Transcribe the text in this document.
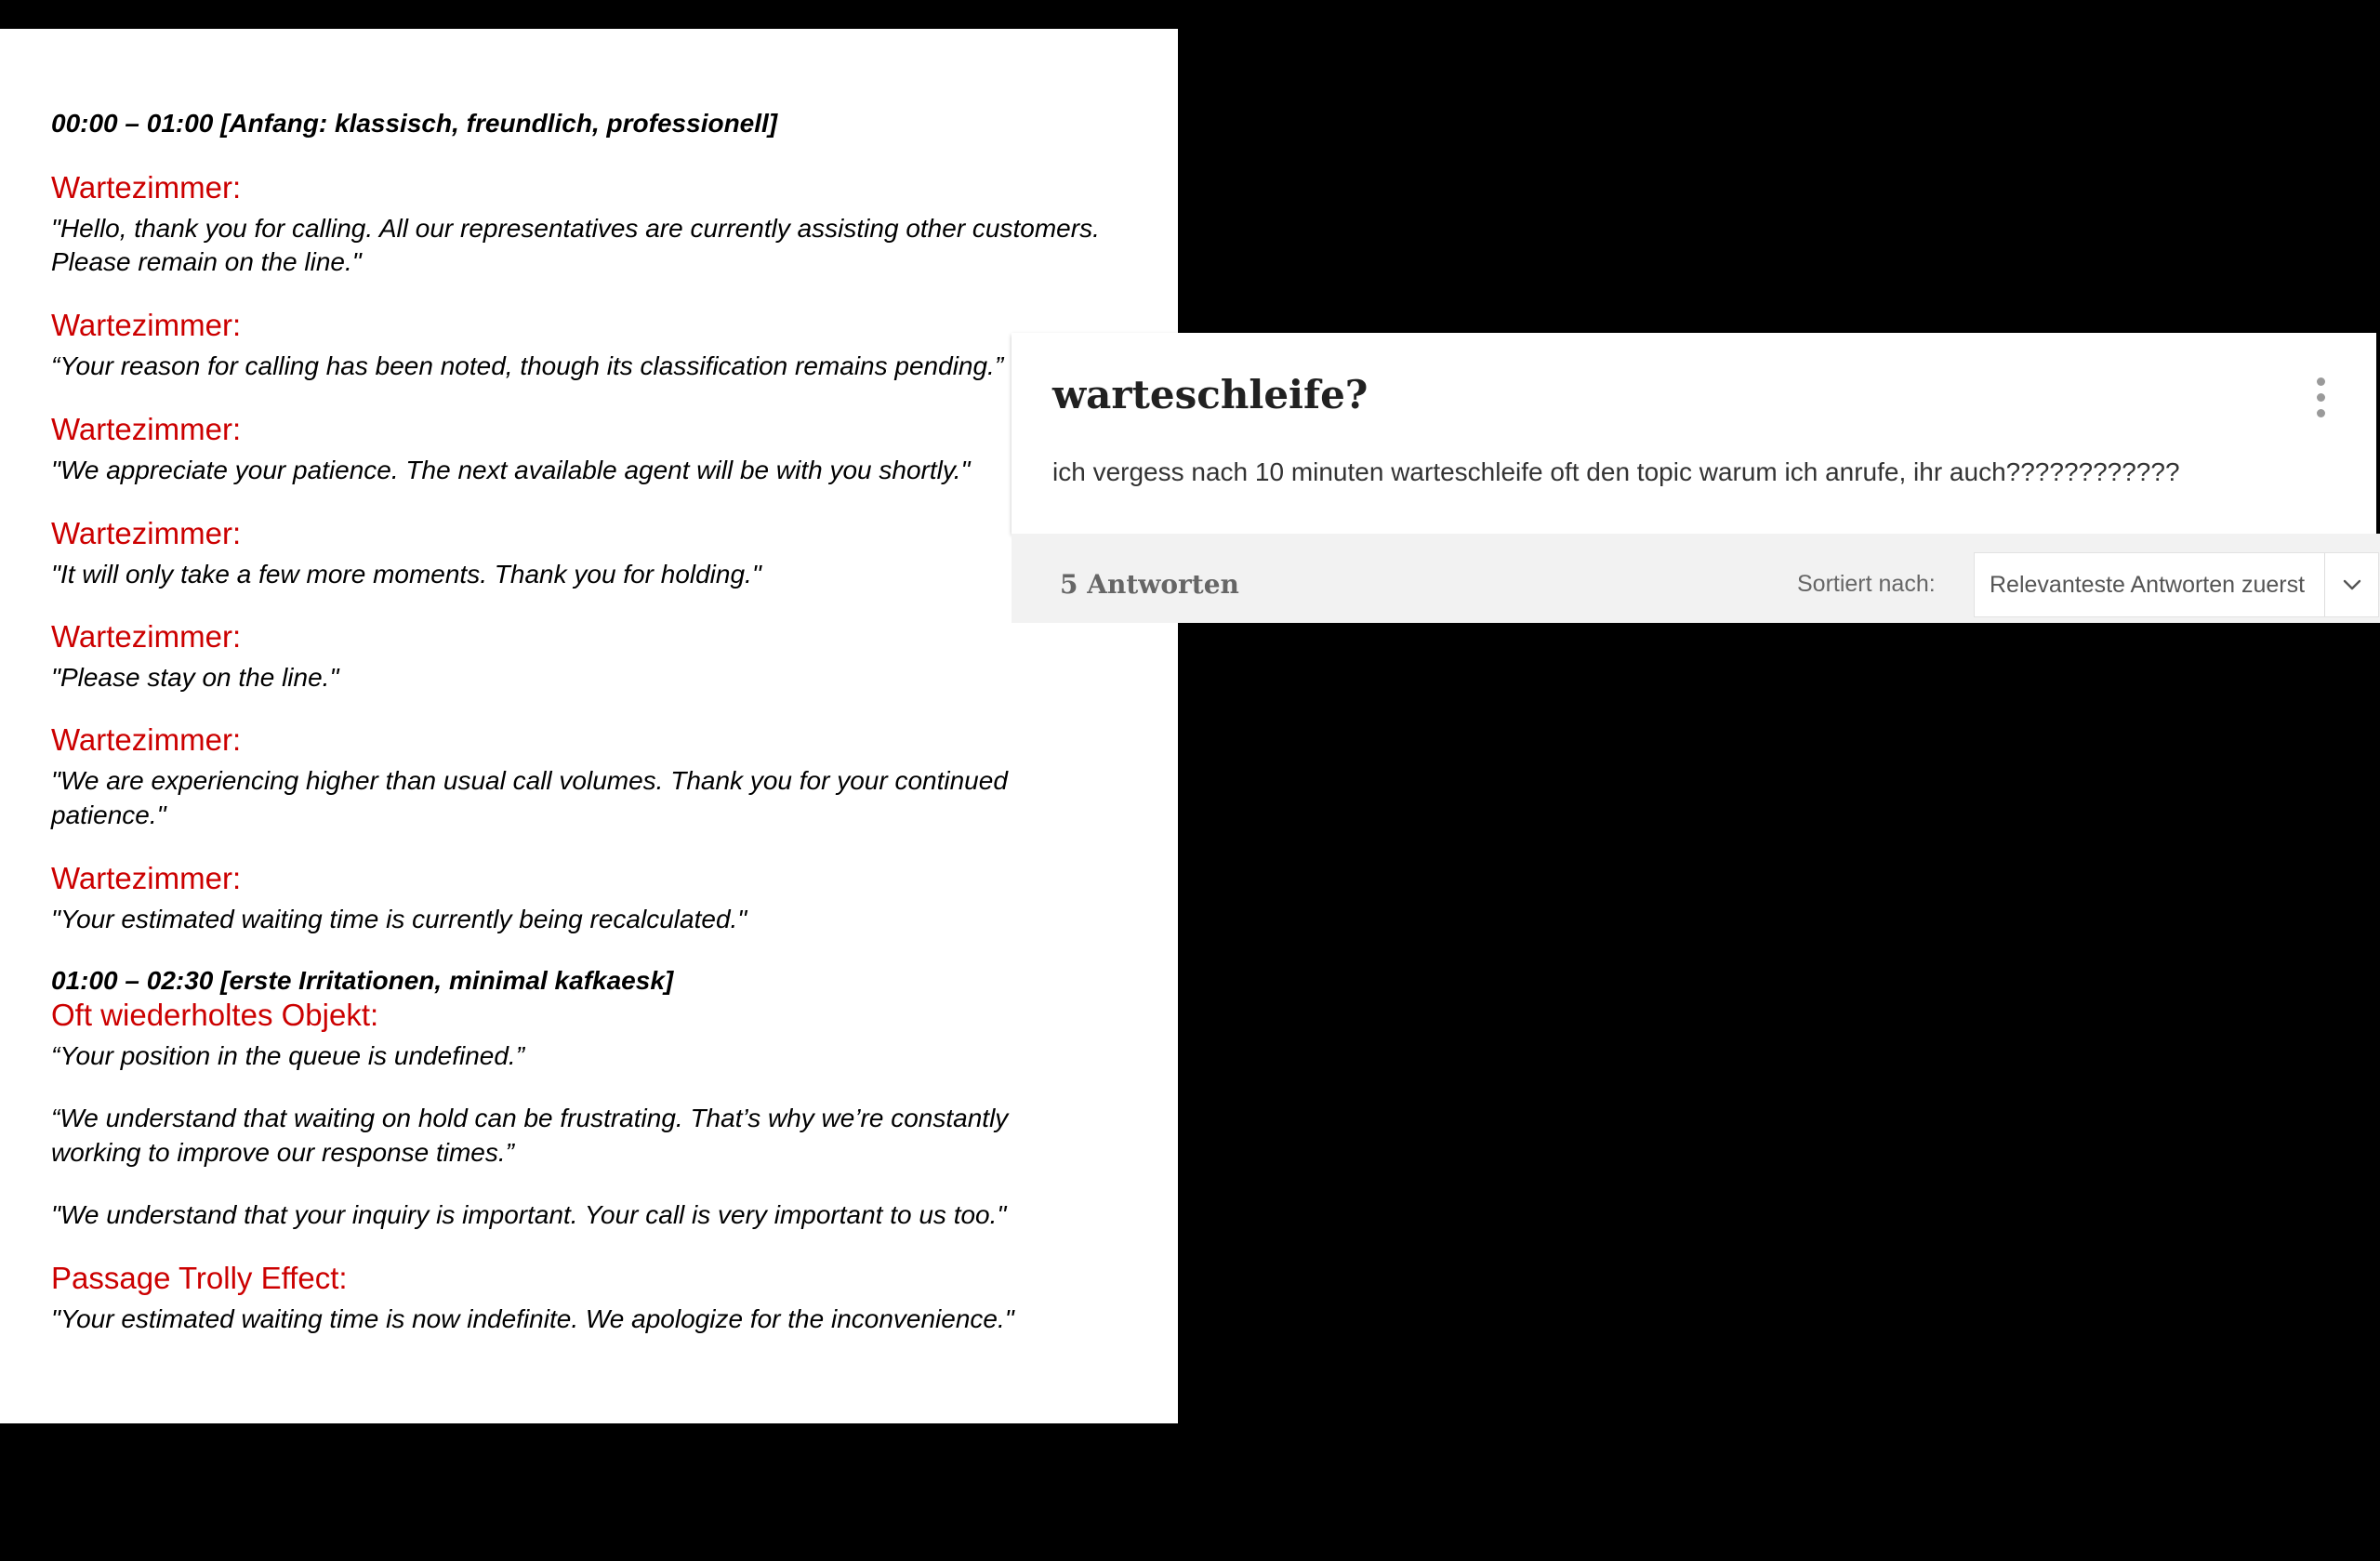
00:00 – 01:00 [Anfang: klassisch, freundlich, professionell]

Wartezimmer:

"Hello, thank you for calling. All our representatives are currently assisting other customers.

Please remain on the line."

Wartezimmer:

“Your reason for calling has been noted, though its classification remains pending.”

Wartezimmer:

"We appreciate your patience. The next available agent will be with you shortly."

Wartezimmer:

"It will only take a few more moments. Thank you for holding."

Wartezimmer:

"Please stay on the line."

Wartezimmer:

"We are experiencing higher than usual call volumes. Thank you for your continued

patience."

Wartezimmer:

"Your estimated waiting time is currently being recalculated."

01:00 – 02:30 [erste Irritationen, minimal kafkaesk]

Oft wiederholtes Objekt:

“Your position in the queue is undefined.”

“We understand that waiting on hold can be frustrating. That’s why we’re constantly

working to improve our response times.”

"We understand that your inquiry is important. Your call is very important to us too."

Passage Trolly Effect:

"Your estimated waiting time is now indefinite. We apologize for the inconvenience."

warteschleife?

ich vergess nach 10 minuten warteschleife oft den topic warum ich anrufe, ihr auch????????????

5 Antworten	Sortiert nach: Relevanteste Antworten zuerst
